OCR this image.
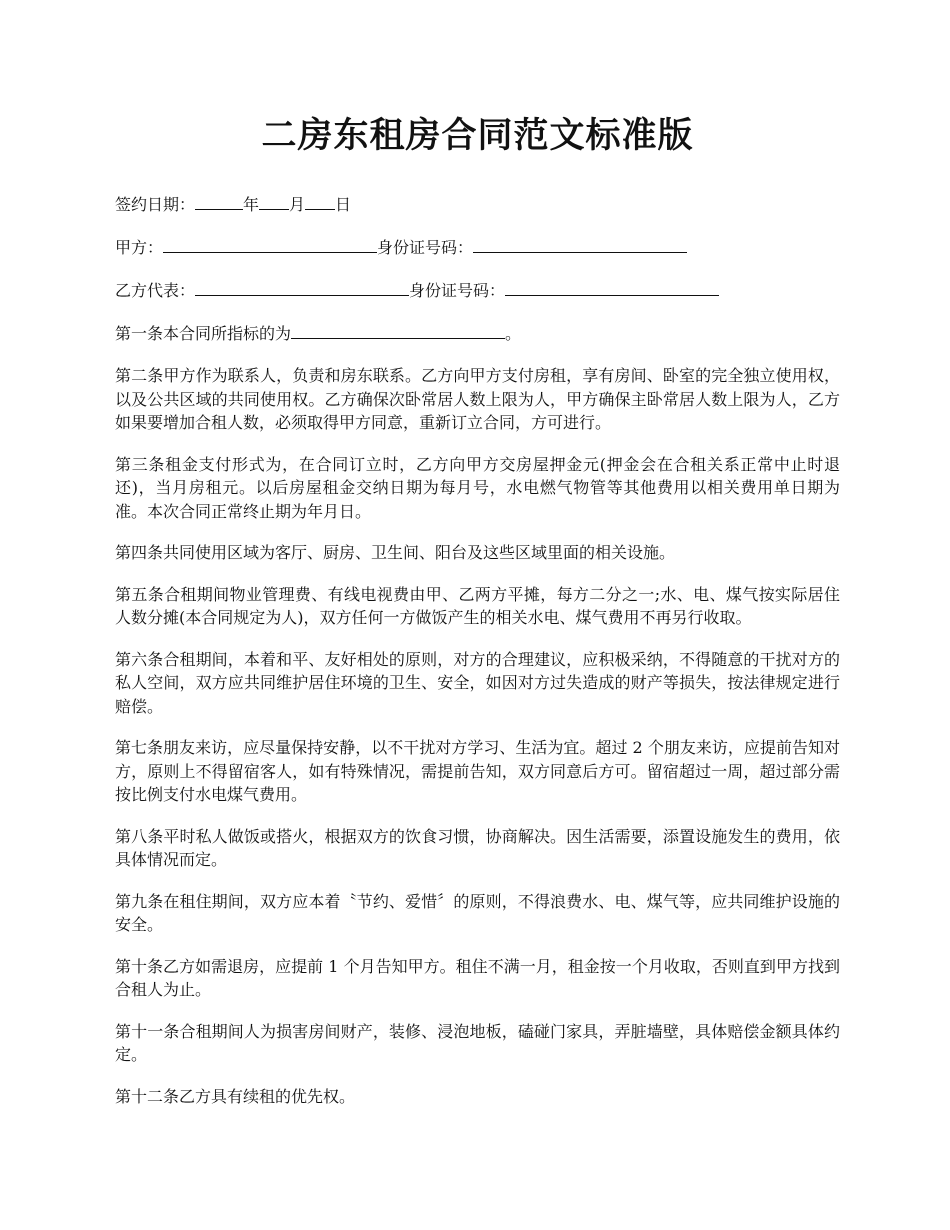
二房东租房合同范文标准版
签约日期：	年 月 日
甲方：	身份证号码：
乙方代表：	身份证号码：
第一条本合同所指标的为	。

第二条甲方作为联系人，负责和房东联系。乙方向甲方支付房租，享有房间、卧室的完全独立使用权，以及公共区域的共同使用权。乙方确保次卧常居人数上限为人，甲方确保主卧常居人数上限为人，乙方如果要增加合租人数，必须取得甲方同意，重新订立合同，方可进行。

第三条租金支付形式为，在合同订立时，乙方向甲方交房屋押金元(押金会在合租关系正常中止时退还)，当月房租元。以后房屋租金交纳日期为每月号，水电燃气物管等其他费用以相关费用单日期为准。本次合同正常终止期为年月日。

第四条共同使用区域为客厅、厨房、卫生间、阳台及这些区域里面的相关设施。

第五条合租期间物业管理费、有线电视费由甲、乙两方平摊，每方二分之一;水、电、煤气按实际居住人数分摊(本合同规定为人)，双方任何一方做饭产生的相关水电、煤气费用不再另行收取。

第六条合租期间，本着和平、友好相处的原则，对方的合理建议，应积极采纳，不得随意的干扰对方的私人空间，双方应共同维护居住环境的卫生、安全，如因对方过失造成的财产等损失，按法律规定进行赔偿。

第七条朋友来访，应尽量保持安静，以不干扰对方学习、生活为宜。超过 2 个朋友来访，应提前告知对方，原则上不得留宿客人，如有特殊情况，需提前告知，双方同意后方可。留宿超过一周，超过部分需按比例支付水电煤气费用。

第八条平时私人做饭或搭火，根据双方的饮食习惯，协商解决。因生活需要，添置设施发生的费用，依具体情况而定。

第九条在租住期间，双方应本着〝节约、爱惜〞的原则，不得浪费水、电、煤气等，应共同维护设施的安全。

第十条乙方如需退房，应提前 1 个月告知甲方。租住不满一月，租金按一个月收取，否则直到甲方找到合租人为止。

第十一条合租期间人为损害房间财产，装修、浸泡地板，磕碰门家具，弄脏墙壁，具体赔偿金额具体约定。

第十二条乙方具有续租的优先权。
